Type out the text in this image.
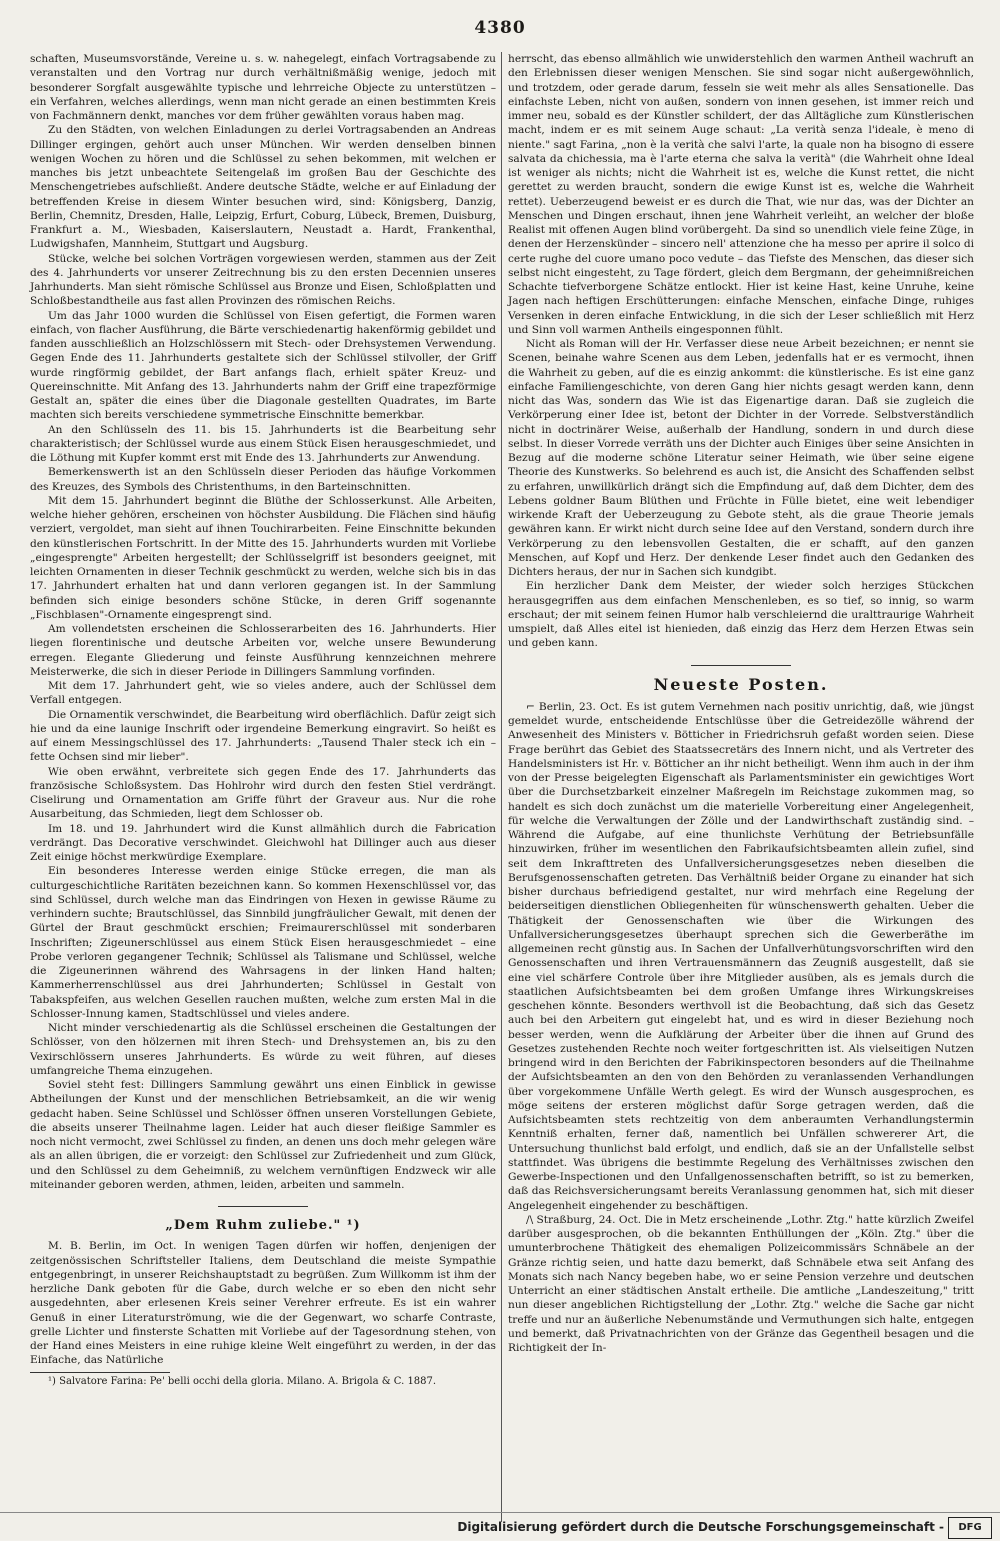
4380

schaften, Museumsvorstände, Vereine u. s. w. nahegelegt, einfach Vortragsabende zu veranstalten und den Vortrag nur durch verhältnißmäßig wenige, jedoch mit besonderer Sorgfalt ausgewählte typische und lehrreiche Objecte zu unterstützen – ein Verfahren, welches allerdings, wenn man nicht gerade an einen bestimmten Kreis von Fachmännern denkt, manches vor dem früher gewählten voraus haben mag.

Zu den Städten, von welchen Einladungen zu derlei Vortragsabenden an Andreas Dillinger ergingen, gehört auch unser München. Wir werden denselben binnen wenigen Wochen zu hören und die Schlüssel zu sehen bekommen, mit welchen er manches bis jetzt unbeachtete Seitengelaß im großen Bau der Geschichte des Menschengetriebes aufschließt. Andere deutsche Städte, welche er auf Einladung der betreffenden Kreise in diesem Winter besuchen wird, sind: Königsberg, Danzig, Berlin, Chemnitz, Dresden, Halle, Leipzig, Erfurt, Coburg, Lübeck, Bremen, Duisburg, Frankfurt a. M., Wiesbaden, Kaiserslautern, Neustadt a. Hardt, Frankenthal, Ludwigshafen, Mannheim, Stuttgart und Augsburg.

Stücke, welche bei solchen Vorträgen vorgewiesen werden, stammen aus der Zeit des 4. Jahrhunderts vor unserer Zeitrechnung bis zu den ersten Decennien unseres Jahrhunderts. Man sieht römische Schlüssel aus Bronze und Eisen, Schloßplatten und Schloßbestandtheile aus fast allen Provinzen des römischen Reichs.

Um das Jahr 1000 wurden die Schlüssel von Eisen gefertigt, die Formen waren einfach, von flacher Ausführung, die Bärte verschiedenartig hakenförmig gebildet und fanden ausschließlich an Holzschlössern mit Stech- oder Drehsystemen Verwendung. Gegen Ende des 11. Jahrhunderts gestaltete sich der Schlüssel stilvoller, der Griff wurde ringförmig gebildet, der Bart anfangs flach, erhielt später Kreuz- und Quereinschnitte. Mit Anfang des 13. Jahrhunderts nahm der Griff eine trapezförmige Gestalt an, später die eines über die Diagonale gestellten Quadrates, im Barte machten sich bereits verschiedene symmetrische Einschnitte bemerkbar.

An den Schlüsseln des 11. bis 15. Jahrhunderts ist die Bearbeitung sehr charakteristisch; der Schlüssel wurde aus einem Stück Eisen herausgeschmiedet, und die Löthung mit Kupfer kommt erst mit Ende des 13. Jahrhunderts zur Anwendung.

Bemerkenswerth ist an den Schlüsseln dieser Perioden das häufige Vorkommen des Kreuzes, des Symbols des Christenthums, in den Barteinschnitten.

Mit dem 15. Jahrhundert beginnt die Blüthe der Schlosserkunst. Alle Arbeiten, welche hieher gehören, erscheinen von höchster Ausbildung. Die Flächen sind häufig verziert, vergoldet, man sieht auf ihnen Touchirarbeiten. Feine Einschnitte bekunden den künstlerischen Fortschritt. In der Mitte des 15. Jahrhunderts wurden mit Vorliebe „eingesprengte" Arbeiten hergestellt; der Schlüsselgriff ist besonders geeignet, mit leichten Ornamenten in dieser Technik geschmückt zu werden, welche sich bis in das 17. Jahrhundert erhalten hat und dann verloren gegangen ist. In der Sammlung befinden sich einige besonders schöne Stücke, in deren Griff sogenannte „Fischblasen"-Ornamente eingesprengt sind.

Am vollendetsten erscheinen die Schlosserarbeiten des 16. Jahrhunderts. Hier liegen florentinische und deutsche Arbeiten vor, welche unsere Bewunderung erregen. Elegante Gliederung und feinste Ausführung kennzeichnen mehrere Meisterwerke, die sich in dieser Periode in Dillingers Sammlung vorfinden.

Mit dem 17. Jahrhundert geht, wie so vieles andere, auch der Schlüssel dem Verfall entgegen.

Die Ornamentik verschwindet, die Bearbeitung wird oberflächlich. Dafür zeigt sich hie und da eine launige Inschrift oder irgendeine Bemerkung eingravirt. So heißt es auf einem Messingschlüssel des 17. Jahrhunderts: „Tausend Thaler steck ich ein – fette Ochsen sind mir lieber".

Wie oben erwähnt, verbreitete sich gegen Ende des 17. Jahrhunderts das französische Schloßsystem. Das Hohlrohr wird durch den festen Stiel verdrängt. Ciselirung und Ornamentation am Griffe führt der Graveur aus. Nur die rohe Ausarbeitung, das Schmieden, liegt dem Schlosser ob.

Im 18. und 19. Jahrhundert wird die Kunst allmählich durch die Fabrication verdrängt. Das Decorative verschwindet. Gleichwohl hat Dillinger auch aus dieser Zeit einige höchst merkwürdige Exemplare.

Ein besonderes Interesse werden einige Stücke erregen, die man als culturgeschichtliche Raritäten bezeichnen kann. So kommen Hexenschlüssel vor, das sind Schlüssel, durch welche man das Eindringen von Hexen in gewisse Räume zu verhindern suchte; Brautschlüssel, das Sinnbild jungfräulicher Gewalt, mit denen der Gürtel der Braut geschmückt erschien; Freimaurerschlüssel mit sonderbaren Inschriften; Zigeunerschlüssel aus einem Stück Eisen herausgeschmiedet – eine Probe verloren gegangener Technik; Schlüssel als Talismane und Schlüssel, welche die Zigeunerinnen während des Wahrsagens in der linken Hand halten; Kammerherrenschlüssel aus drei Jahrhunderten; Schlüssel in Gestalt von Tabakspfeifen, aus welchen Gesellen rauchen mußten, welche zum ersten Mal in die Schlosser-Innung kamen, Stadtschlüssel und vieles andere.

Nicht minder verschiedenartig als die Schlüssel erscheinen die Gestaltungen der Schlösser, von den hölzernen mit ihren Stech- und Drehsystemen an, bis zu den Vexirschlössern unseres Jahrhunderts. Es würde zu weit führen, auf dieses umfangreiche Thema einzugehen.

Soviel steht fest: Dillingers Sammlung gewährt uns einen Einblick in gewisse Abtheilungen der Kunst und der menschlichen Betriebsamkeit, an die wir wenig gedacht haben. Seine Schlüssel und Schlösser öffnen unseren Vorstellungen Gebiete, die abseits unserer Theilnahme lagen. Leider hat auch dieser fleißige Sammler es noch nicht vermocht, zwei Schlüssel zu finden, an denen uns doch mehr gelegen wäre als an allen übrigen, die er vorzeigt: den Schlüssel zur Zufriedenheit und zum Glück, und den Schlüssel zu dem Geheimniß, zu welchem vernünftigen Endzweck wir alle miteinander geboren werden, athmen, leiden, arbeiten und sammeln.

„Dem Ruhm zuliebe." ¹)

M. B. Berlin, im Oct. In wenigen Tagen dürfen wir hoffen, denjenigen der zeitgenössischen Schriftsteller Italiens, dem Deutschland die meiste Sympathie entgegenbringt, in unserer Reichshauptstadt zu begrüßen. Zum Willkomm ist ihm der herzliche Dank geboten für die Gabe, durch welche er so eben den nicht sehr ausgedehnten, aber erlesenen Kreis seiner Verehrer erfreute. Es ist ein wahrer Genuß in einer Literaturströmung, wie die der Gegenwart, wo scharfe Contraste, grelle Lichter und finsterste Schatten mit Vorliebe auf der Tagesordnung stehen, von der Hand eines Meisters in eine ruhige kleine Welt eingeführt zu werden, in der das Einfache, das Natürliche

¹) Salvatore Farina: Pe' belli occhi della gloria. Milano. A. Brigola & C. 1887.

herrscht, das ebenso allmählich wie unwiderstehlich den warmen Antheil wachruft an den Erlebnissen dieser wenigen Menschen. Sie sind sogar nicht außergewöhnlich, und trotzdem, oder gerade darum, fesseln sie weit mehr als alles Sensationelle. Das einfachste Leben, nicht von außen, sondern von innen gesehen, ist immer reich und immer neu, sobald es der Künstler schildert, der das Alltägliche zum Künstlerischen macht, indem er es mit seinem Auge schaut: „La verità senza l'ideale, è meno di niente." sagt Farina, „non è la verità che salvi l'arte, la quale non ha bisogno di essere salvata da chichessia, ma è l'arte eterna che salva la verità" (die Wahrheit ohne Ideal ist weniger als nichts; nicht die Wahrheit ist es, welche die Kunst rettet, die nicht gerettet zu werden braucht, sondern die ewige Kunst ist es, welche die Wahrheit rettet). Ueberzeugend beweist er es durch die That, wie nur das, was der Dichter an Menschen und Dingen erschaut, ihnen jene Wahrheit verleiht, an welcher der bloße Realist mit offenen Augen blind vorübergeht. Da sind so unendlich viele feine Züge, in denen der Herzenskünder – sincero nell' attenzione che ha messo per aprire il solco di certe rughe del cuore umano poco vedute – das Tiefste des Menschen, das dieser sich selbst nicht eingesteht, zu Tage fördert, gleich dem Bergmann, der geheimnißreichen Schachte tiefverborgene Schätze entlockt. Hier ist keine Hast, keine Unruhe, keine Jagen nach heftigen Erschütterungen: einfache Menschen, einfache Dinge, ruhiges Versenken in deren einfache Entwicklung, in die sich der Leser schließlich mit Herz und Sinn voll warmen Antheils eingesponnen fühlt.

Nicht als Roman will der Hr. Verfasser diese neue Arbeit bezeichnen; er nennt sie Scenen, beinahe wahre Scenen aus dem Leben, jedenfalls hat er es vermocht, ihnen die Wahrheit zu geben, auf die es einzig ankommt: die künstlerische. Es ist eine ganz einfache Familiengeschichte, von deren Gang hier nichts gesagt werden kann, denn nicht das Was, sondern das Wie ist das Eigenartige daran. Daß sie zugleich die Verkörperung einer Idee ist, betont der Dichter in der Vorrede. Selbstverständlich nicht in doctrinärer Weise, außerhalb der Handlung, sondern in und durch diese selbst. In dieser Vorrede verräth uns der Dichter auch Einiges über seine Ansichten in Bezug auf die moderne schöne Literatur seiner Heimath, wie über seine eigene Theorie des Kunstwerks. So belehrend es auch ist, die Ansicht des Schaffenden selbst zu erfahren, unwillkürlich drängt sich die Empfindung auf, daß dem Dichter, dem des Lebens goldner Baum Blüthen und Früchte in Fülle bietet, eine weit lebendiger wirkende Kraft der Ueberzeugung zu Gebote steht, als die graue Theorie jemals gewähren kann. Er wirkt nicht durch seine Idee auf den Verstand, sondern durch ihre Verkörperung zu den lebensvollen Gestalten, die er schafft, auf den ganzen Menschen, auf Kopf und Herz. Der denkende Leser findet auch den Gedanken des Dichters heraus, der nur in Sachen sich kundgibt.

Ein herzlicher Dank dem Meister, der wieder solch herziges Stückchen herausgegriffen aus dem einfachen Menschenleben, es so tief, so innig, so warm erschaut; der mit seinem feinen Humor halb verschleiernd die uralttraurige Wahrheit umspielt, daß Alles eitel ist hienieden, daß einzig das Herz dem Herzen Etwas sein und geben kann.

Neueste Posten.

⌐ Berlin, 23. Oct. Es ist gutem Vernehmen nach positiv unrichtig, daß, wie jüngst gemeldet wurde, entscheidende Entschlüsse über die Getreidezölle während der Anwesenheit des Ministers v. Bötticher in Friedrichsruh gefaßt worden seien. Diese Frage berührt das Gebiet des Staatssecretärs des Innern nicht, und als Vertreter des Handelsministers ist Hr. v. Bötticher an ihr nicht betheiligt. Wenn ihm auch in der ihm von der Presse beigelegten Eigenschaft als Parlamentsminister ein gewichtiges Wort über die Durchsetzbarkeit einzelner Maßregeln im Reichstage zukommen mag, so handelt es sich doch zunächst um die materielle Vorbereitung einer Angelegenheit, für welche die Verwaltungen der Zölle und der Landwirthschaft zuständig sind. – Während die Aufgabe, auf eine thunlichste Verhütung der Betriebsunfälle hinzuwirken, früher im wesentlichen den Fabrikaufsichtsbeamten allein zufiel, sind seit dem Inkrafttreten des Unfallversicherungsgesetzes neben dieselben die Berufsgenossenschaften getreten. Das Verhältniß beider Organe zu einander hat sich bisher durchaus befriedigend gestaltet, nur wird mehrfach eine Regelung der beiderseitigen dienstlichen Obliegenheiten für wünschenswerth gehalten. Ueber die Thätigkeit der Genossenschaften wie über die Wirkungen des Unfallversicherungsgesetzes überhaupt sprechen sich die Gewerberäthe im allgemeinen recht günstig aus. In Sachen der Unfallverhütungsvorschriften wird den Genossenschaften und ihren Vertrauensmännern das Zeugniß ausgestellt, daß sie eine viel schärfere Controle über ihre Mitglieder ausüben, als es jemals durch die staatlichen Aufsichtsbeamten bei dem großen Umfange ihres Wirkungskreises geschehen könnte. Besonders werthvoll ist die Beobachtung, daß sich das Gesetz auch bei den Arbeitern gut eingelebt hat, und es wird in dieser Beziehung noch besser werden, wenn die Aufklärung der Arbeiter über die ihnen auf Grund des Gesetzes zustehenden Rechte noch weiter fortgeschritten ist. Als vielseitigen Nutzen bringend wird in den Berichten der Fabrikinspectoren besonders auf die Theilnahme der Aufsichtsbeamten an den von den Behörden zu veranlassenden Verhandlungen über vorgekommene Unfälle Werth gelegt. Es wird der Wunsch ausgesprochen, es möge seitens der ersteren möglichst dafür Sorge getragen werden, daß die Aufsichtsbeamten stets rechtzeitig von dem anberaumten Verhandlungstermin Kenntniß erhalten, ferner daß, namentlich bei Unfällen schwererer Art, die Untersuchung thunlichst bald erfolgt, und endlich, daß sie an der Unfallstelle selbst stattfindet. Was übrigens die bestimmte Regelung des Verhältnisses zwischen den Gewerbe-Inspectionen und den Unfallgenossenschaften betrifft, so ist zu bemerken, daß das Reichsversicherungsamt bereits Veranlassung genommen hat, sich mit dieser Angelegenheit eingehender zu beschäftigen.

/\ Straßburg, 24. Oct. Die in Metz erscheinende „Lothr. Ztg." hatte kürzlich Zweifel darüber ausgesprochen, ob die bekannten Enthüllungen der „Köln. Ztg." über die umunterbrochene Thätigkeit des ehemaligen Polizeicommissärs Schnäbele an der Gränze richtig seien, und hatte dazu bemerkt, daß Schnäbele etwa seit Anfang des Monats sich nach Nancy begeben habe, wo er seine Pension verzehre und deutschen Unterricht an einer städtischen Anstalt ertheile. Die amtliche „Landeszeitung," tritt nun dieser angeblichen Richtigstellung der „Lothr. Ztg." welche die Sache gar nicht treffe und nur an äußerliche Nebenumstände und Vermuthungen sich halte, entgegen und bemerkt, daß Privatnachrichten von der Gränze das Gegentheil besagen und die Richtigkeit der In-

Digitalisierung gefördert durch die Deutsche Forschungsgemeinschaft -	DFG
